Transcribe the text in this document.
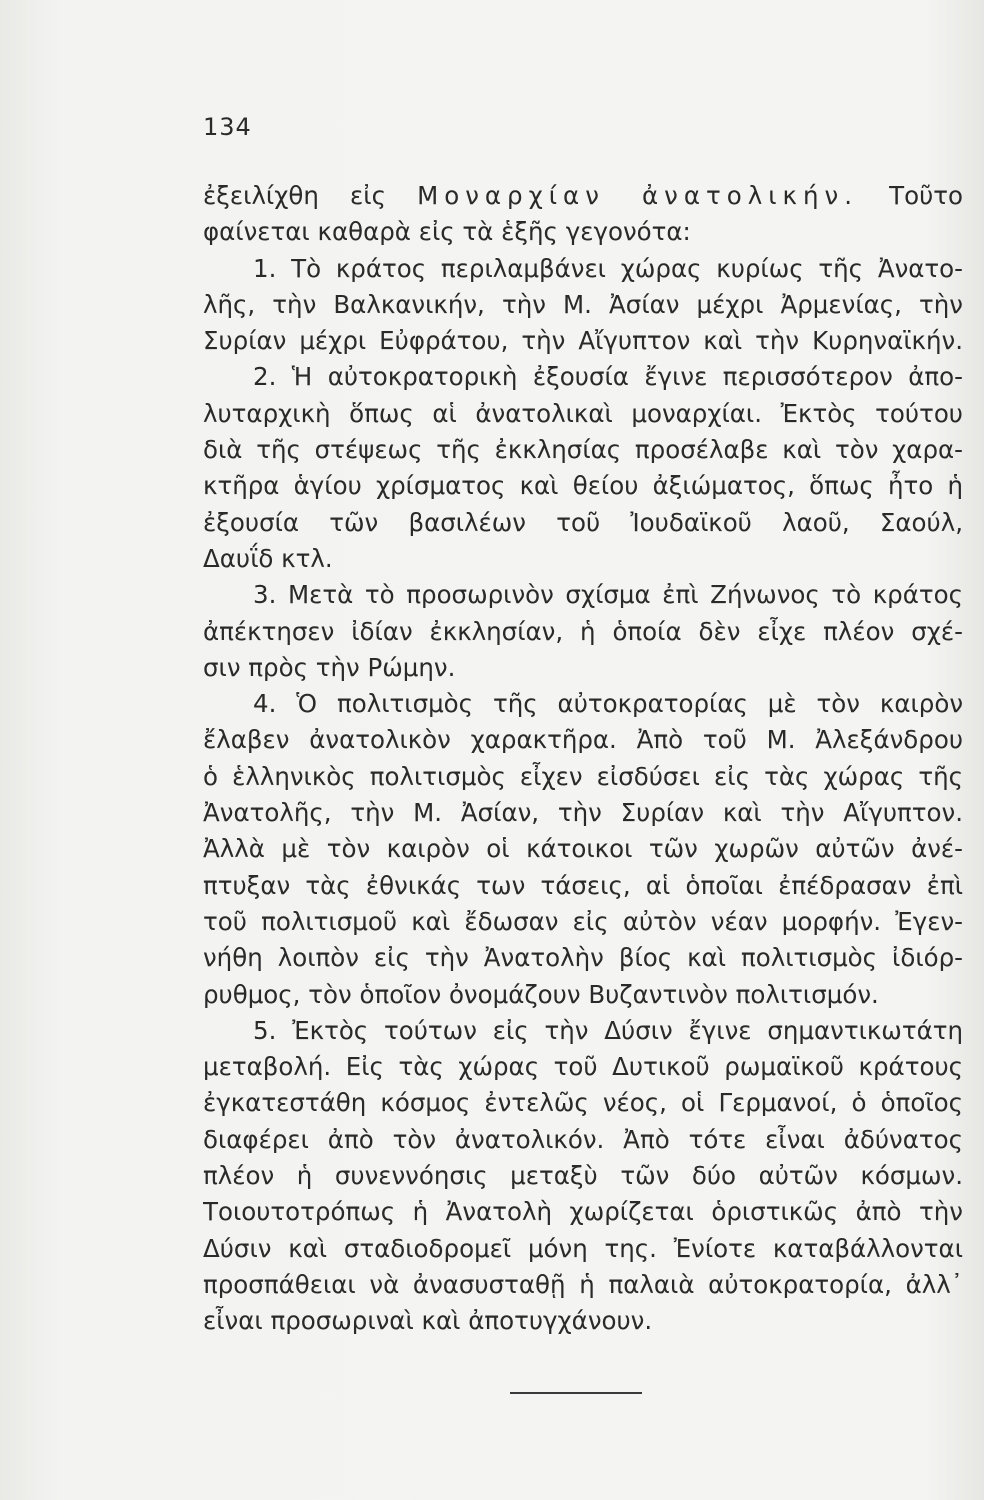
134
ἐξειλίχθη εἰς Μοναρχίαν ἀνατολικήν. Τοῦτο
φαίνεται καθαρὰ εἰς τὰ ἑξῆς γεγονότα:
1. Τὸ κράτος περιλαμβάνει χώρας κυρίως τῆς Ἀνατο-
λῆς, τὴν Βαλκανικήν, τὴν Μ. Ἀσίαν μέχρι Ἀρμενίας, τὴν
Συρίαν μέχρι Εὐφράτου, τὴν Αἴγυπτον καὶ τὴν Κυρηναϊκήν.
2. Ἡ αὐτοκρατορικὴ ἐξουσία ἔγινε περισσότερον ἀπο-
λυταρχικὴ ὅπως αἱ ἀνατολικαὶ μοναρχίαι. Ἐκτὸς τούτου
διὰ τῆς στέψεως τῆς ἐκκλησίας προσέλαβε καὶ τὸν χαρα-
κτῆρα ἁγίου χρίσματος καὶ θείου ἀξιώματος, ὅπως ἦτο ἡ
ἐξουσία τῶν βασιλέων τοῦ Ἰουδαϊκοῦ λαοῦ, Σαούλ,
Δαυΐδ κτλ.
3. Μετὰ τὸ προσωρινὸν σχίσμα ἐπὶ Ζήνωνος τὸ κράτος
ἀπέκτησεν ἰδίαν ἐκκλησίαν, ἡ ὁποία δὲν εἶχε πλέον σχέ-
σιν πρὸς τὴν Ρώμην.
4. Ὁ πολιτισμὸς τῆς αὐτοκρατορίας μὲ τὸν καιρὸν
ἔλαβεν ἀνατολικὸν χαρακτῆρα. Ἀπὸ τοῦ Μ. Ἀλεξάνδρου
ὁ ἑλληνικὸς πολιτισμὸς εἶχεν εἰσδύσει εἰς τὰς χώρας τῆς
Ἀνατολῆς, τὴν Μ. Ἀσίαν, τὴν Συρίαν καὶ τὴν Αἴγυπτον.
Ἀλλὰ μὲ τὸν καιρὸν οἱ κάτοικοι τῶν χωρῶν αὐτῶν ἀνέ-
πτυξαν τὰς ἐθνικάς των τάσεις, αἱ ὁποῖαι ἐπέδρασαν ἐπὶ
τοῦ πολιτισμοῦ καὶ ἔδωσαν εἰς αὐτὸν νέαν μορφήν. Ἐγεν-
νήθη λοιπὸν εἰς τὴν Ἀνατολὴν βίος καὶ πολιτισμὸς ἰδιόρ-
ρυθμος, τὸν ὁποῖον ὀνομάζουν Βυζαντινὸν πολιτισμόν.
5. Ἐκτὸς τούτων εἰς τὴν Δύσιν ἔγινε σημαντικωτάτη
μεταβολή. Εἰς τὰς χώρας τοῦ Δυτικοῦ ρωμαϊκοῦ κράτους
ἐγκατεστάθη κόσμος ἐντελῶς νέος, οἱ Γερμανοί, ὁ ὁποῖος
διαφέρει ἀπὸ τὸν ἀνατολικόν. Ἀπὸ τότε εἶναι ἀδύνατος
πλέον ἡ συνεννόησις μεταξὺ τῶν δύο αὐτῶν κόσμων.
Τοιουτοτρόπως ἡ Ἀνατολὴ χωρίζεται ὁριστικῶς ἀπὸ τὴν
Δύσιν καὶ σταδιοδρομεῖ μόνη της. Ἐνίοτε καταβάλλονται
προσπάθειαι νὰ ἀνασυσταθῇ ἡ παλαιὰ αὐτοκρατορία, ἀλλ᾽
εἶναι προσωριναὶ καὶ ἀποτυγχάνουν.
